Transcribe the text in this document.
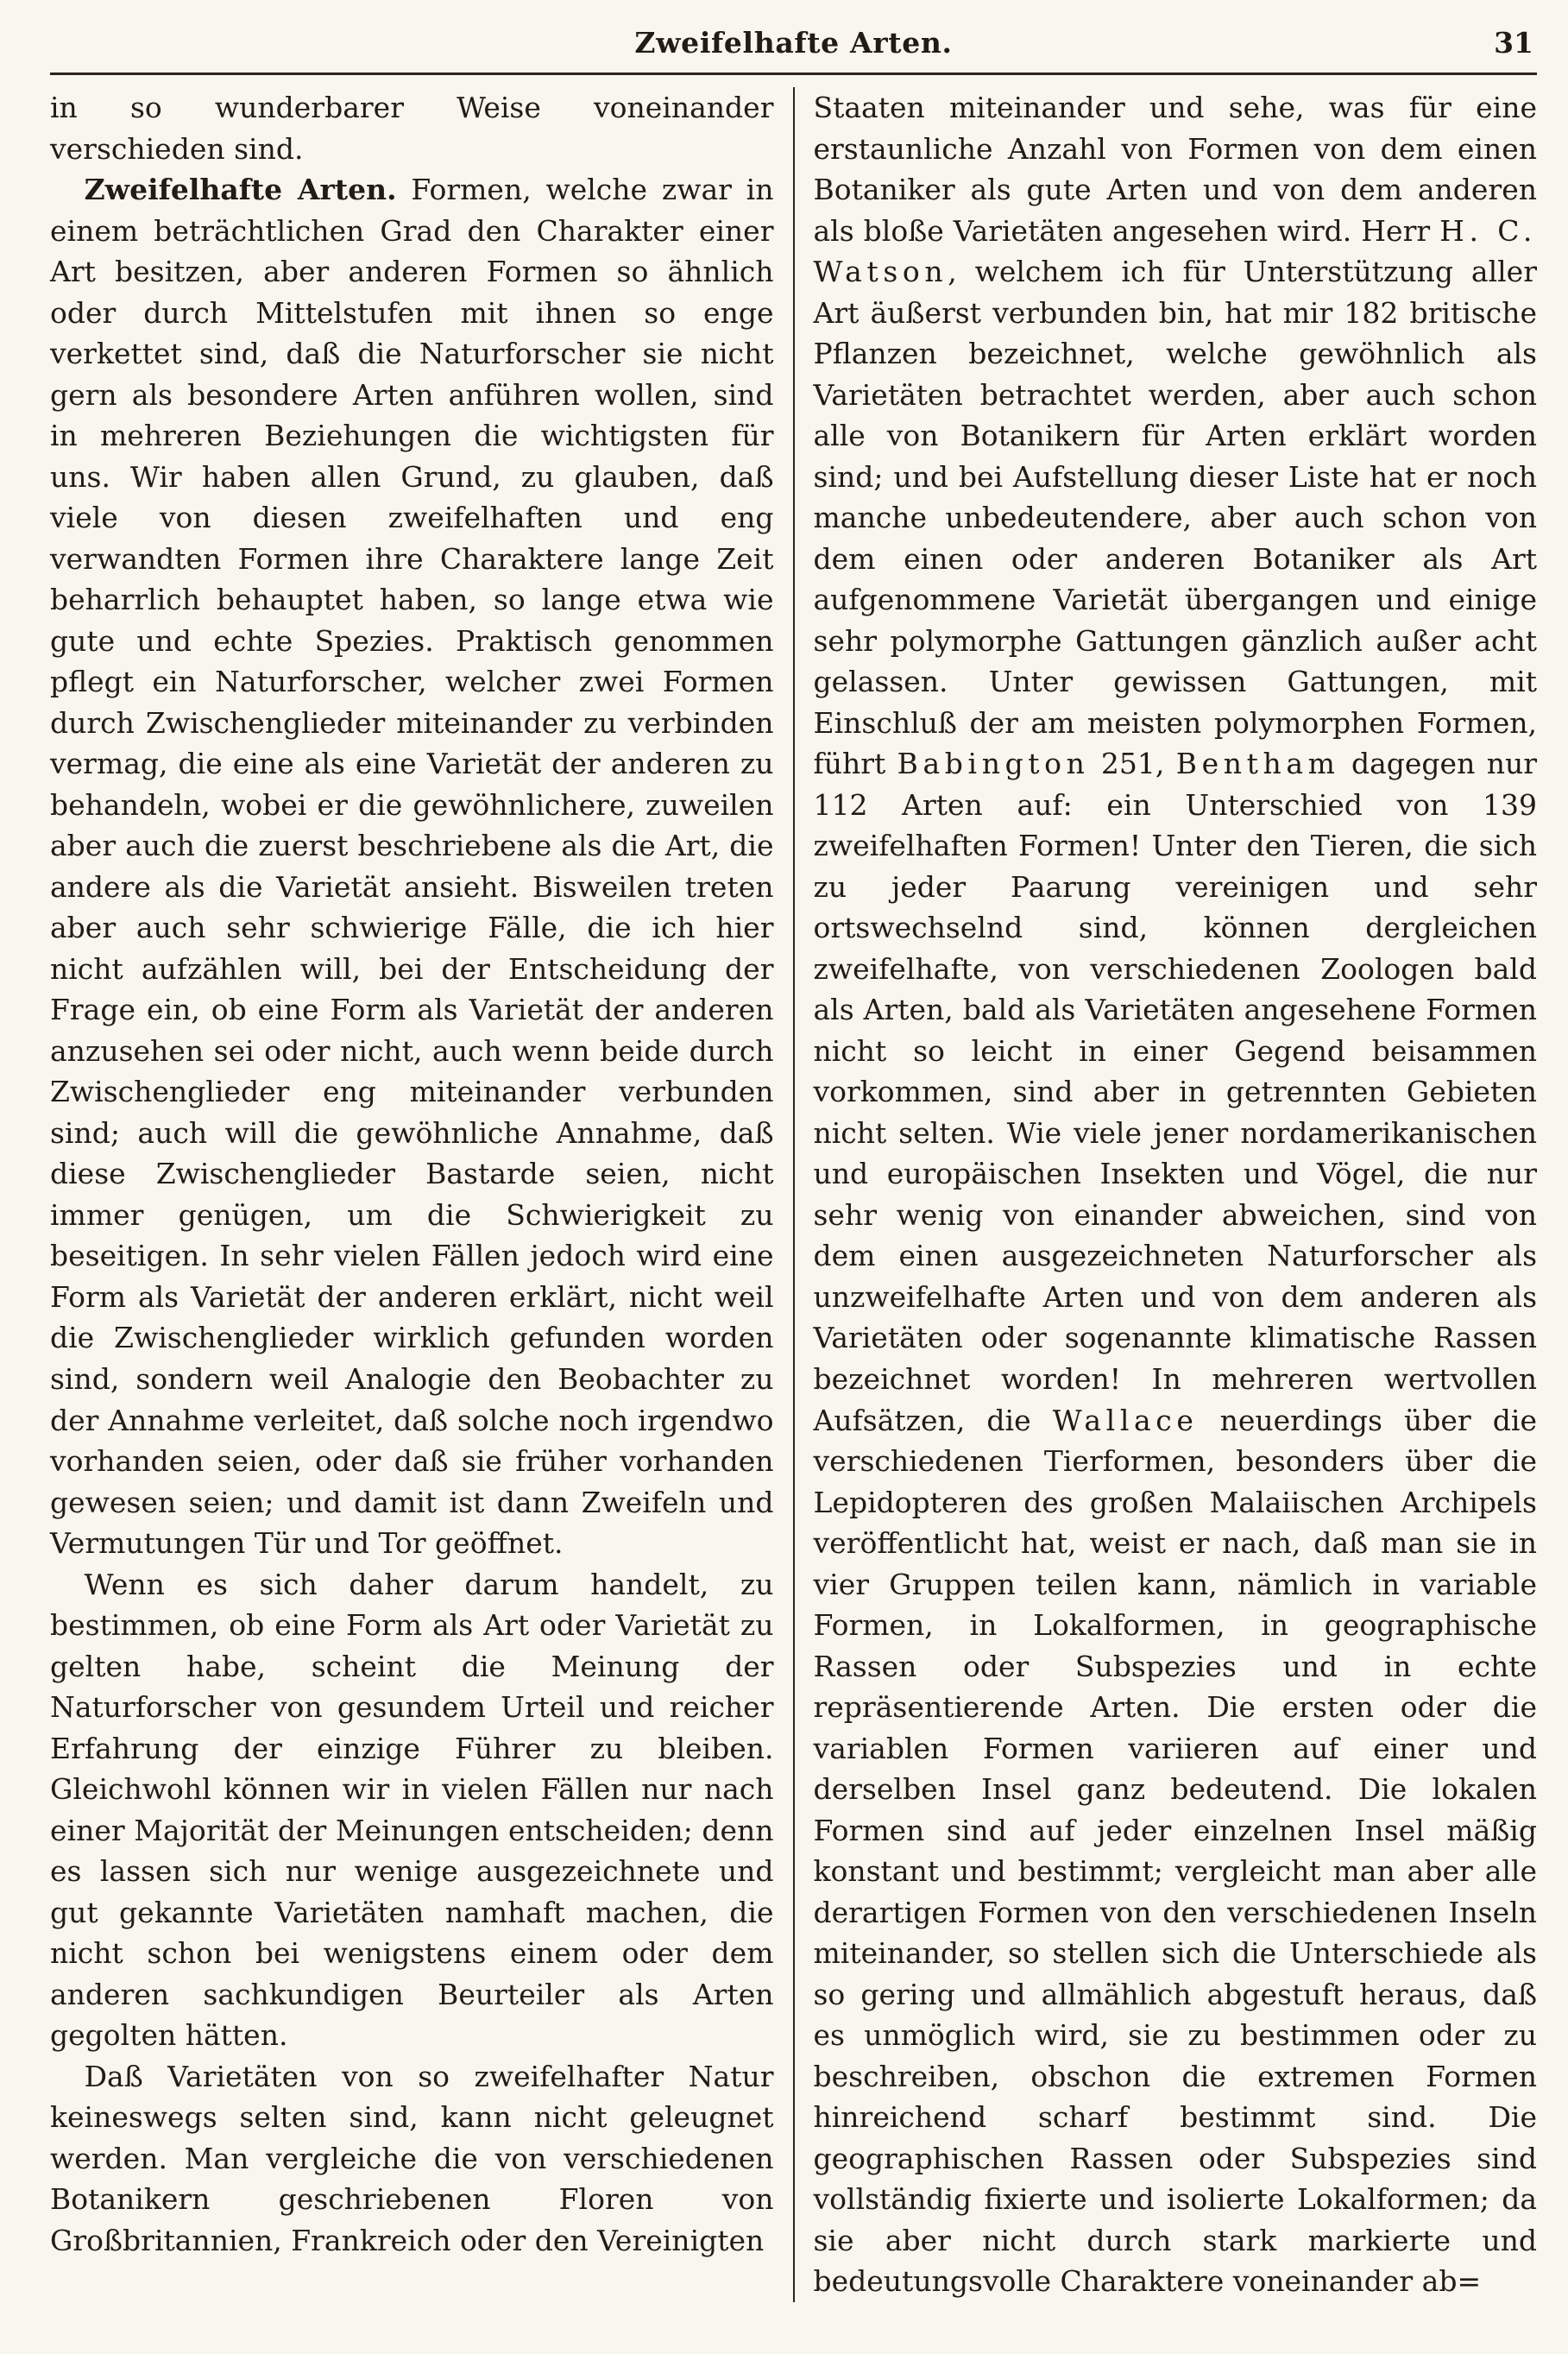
Zweifelhafte Arten.	31

in so wunderbarer Weise voneinander verschieden sind.

Zweifelhafte Arten. Formen, welche zwar in einem beträchtlichen Grad den Charakter einer Art besitzen, aber anderen Formen so ähnlich oder durch Mittelstufen mit ihnen so enge verkettet sind, daß die Naturforscher sie nicht gern als besondere Arten anführen wollen, sind in mehreren Beziehungen die wichtigsten für uns. Wir haben allen Grund, zu glauben, daß viele von diesen zweifelhaften und eng verwandten Formen ihre Charaktere lange Zeit beharrlich behauptet haben, so lange etwa wie gute und echte Spezies. Praktisch genommen pflegt ein Naturforscher, welcher zwei Formen durch Zwischenglieder miteinander zu verbinden vermag, die eine als eine Varietät der anderen zu behandeln, wobei er die gewöhnlichere, zuweilen aber auch die zuerst beschriebene als die Art, die andere als die Varietät ansieht. Bisweilen treten aber auch sehr schwierige Fälle, die ich hier nicht aufzählen will, bei der Entscheidung der Frage ein, ob eine Form als Varietät der anderen anzusehen sei oder nicht, auch wenn beide durch Zwischenglieder eng miteinander verbunden sind; auch will die gewöhnliche Annahme, daß diese Zwischenglieder Bastarde seien, nicht immer genügen, um die Schwierigkeit zu beseitigen. In sehr vielen Fällen jedoch wird eine Form als Varietät der anderen erklärt, nicht weil die Zwischenglieder wirklich gefunden worden sind, sondern weil Analogie den Beobachter zu der Annahme verleitet, daß solche noch irgendwo vorhanden seien, oder daß sie früher vorhanden gewesen seien; und damit ist dann Zweifeln und Vermutungen Tür und Tor geöffnet.

Wenn es sich daher darum handelt, zu bestimmen, ob eine Form als Art oder Varietät zu gelten habe, scheint die Meinung der Naturforscher von gesundem Urteil und reicher Erfahrung der einzige Führer zu bleiben. Gleichwohl können wir in vielen Fällen nur nach einer Majorität der Meinungen entscheiden; denn es lassen sich nur wenige ausgezeichnete und gut gekannte Varietäten namhaft machen, die nicht schon bei wenigstens einem oder dem anderen sachkundigen Beurteiler als Arten gegolten hätten.

Daß Varietäten von so zweifelhafter Natur keineswegs selten sind, kann nicht geleugnet werden. Man vergleiche die von verschiedenen Botanikern geschriebenen Floren von Großbritannien, Frankreich oder den Vereinigten

Staaten miteinander und sehe, was für eine erstaunliche Anzahl von Formen von dem einen Botaniker als gute Arten und von dem anderen als bloße Varietäten angesehen wird. Herr H. C. Watson, welchem ich für Unterstützung aller Art äußerst verbunden bin, hat mir 182 britische Pflanzen bezeichnet, welche gewöhnlich als Varietäten betrachtet werden, aber auch schon alle von Botanikern für Arten erklärt worden sind; und bei Aufstellung dieser Liste hat er noch manche unbedeutendere, aber auch schon von dem einen oder anderen Botaniker als Art aufgenommene Varietät übergangen und einige sehr polymorphe Gattungen gänzlich außer acht gelassen. Unter gewissen Gattungen, mit Einschluß der am meisten polymorphen Formen, führt Babington 251, Bentham dagegen nur 112 Arten auf: ein Unterschied von 139 zweifelhaften Formen! Unter den Tieren, die sich zu jeder Paarung vereinigen und sehr ortswechselnd sind, können dergleichen zweifelhafte, von verschiedenen Zoologen bald als Arten, bald als Varietäten angesehene Formen nicht so leicht in einer Gegend beisammen vorkommen, sind aber in getrennten Gebieten nicht selten. Wie viele jener nordamerikanischen und europäischen Insekten und Vögel, die nur sehr wenig von einander abweichen, sind von dem einen ausgezeichneten Naturforscher als unzweifelhafte Arten und von dem anderen als Varietäten oder sogenannte klimatische Rassen bezeichnet worden! In mehreren wertvollen Aufsätzen, die Wallace neuerdings über die verschiedenen Tierformen, besonders über die Lepidopteren des großen Malaiischen Archipels veröffentlicht hat, weist er nach, daß man sie in vier Gruppen teilen kann, nämlich in variable Formen, in Lokalformen, in geographische Rassen oder Subspezies und in echte repräsentierende Arten. Die ersten oder die variablen Formen variieren auf einer und derselben Insel ganz bedeutend. Die lokalen Formen sind auf jeder einzelnen Insel mäßig konstant und bestimmt; vergleicht man aber alle derartigen Formen von den verschiedenen Inseln miteinander, so stellen sich die Unterschiede als so gering und allmählich abgestuft heraus, daß es unmöglich wird, sie zu bestimmen oder zu beschreiben, obschon die extremen Formen hinreichend scharf bestimmt sind. Die geographischen Rassen oder Subspezies sind vollständig fixierte und isolierte Lokalformen; da sie aber nicht durch stark markierte und bedeutungsvolle Charaktere voneinander ab=
